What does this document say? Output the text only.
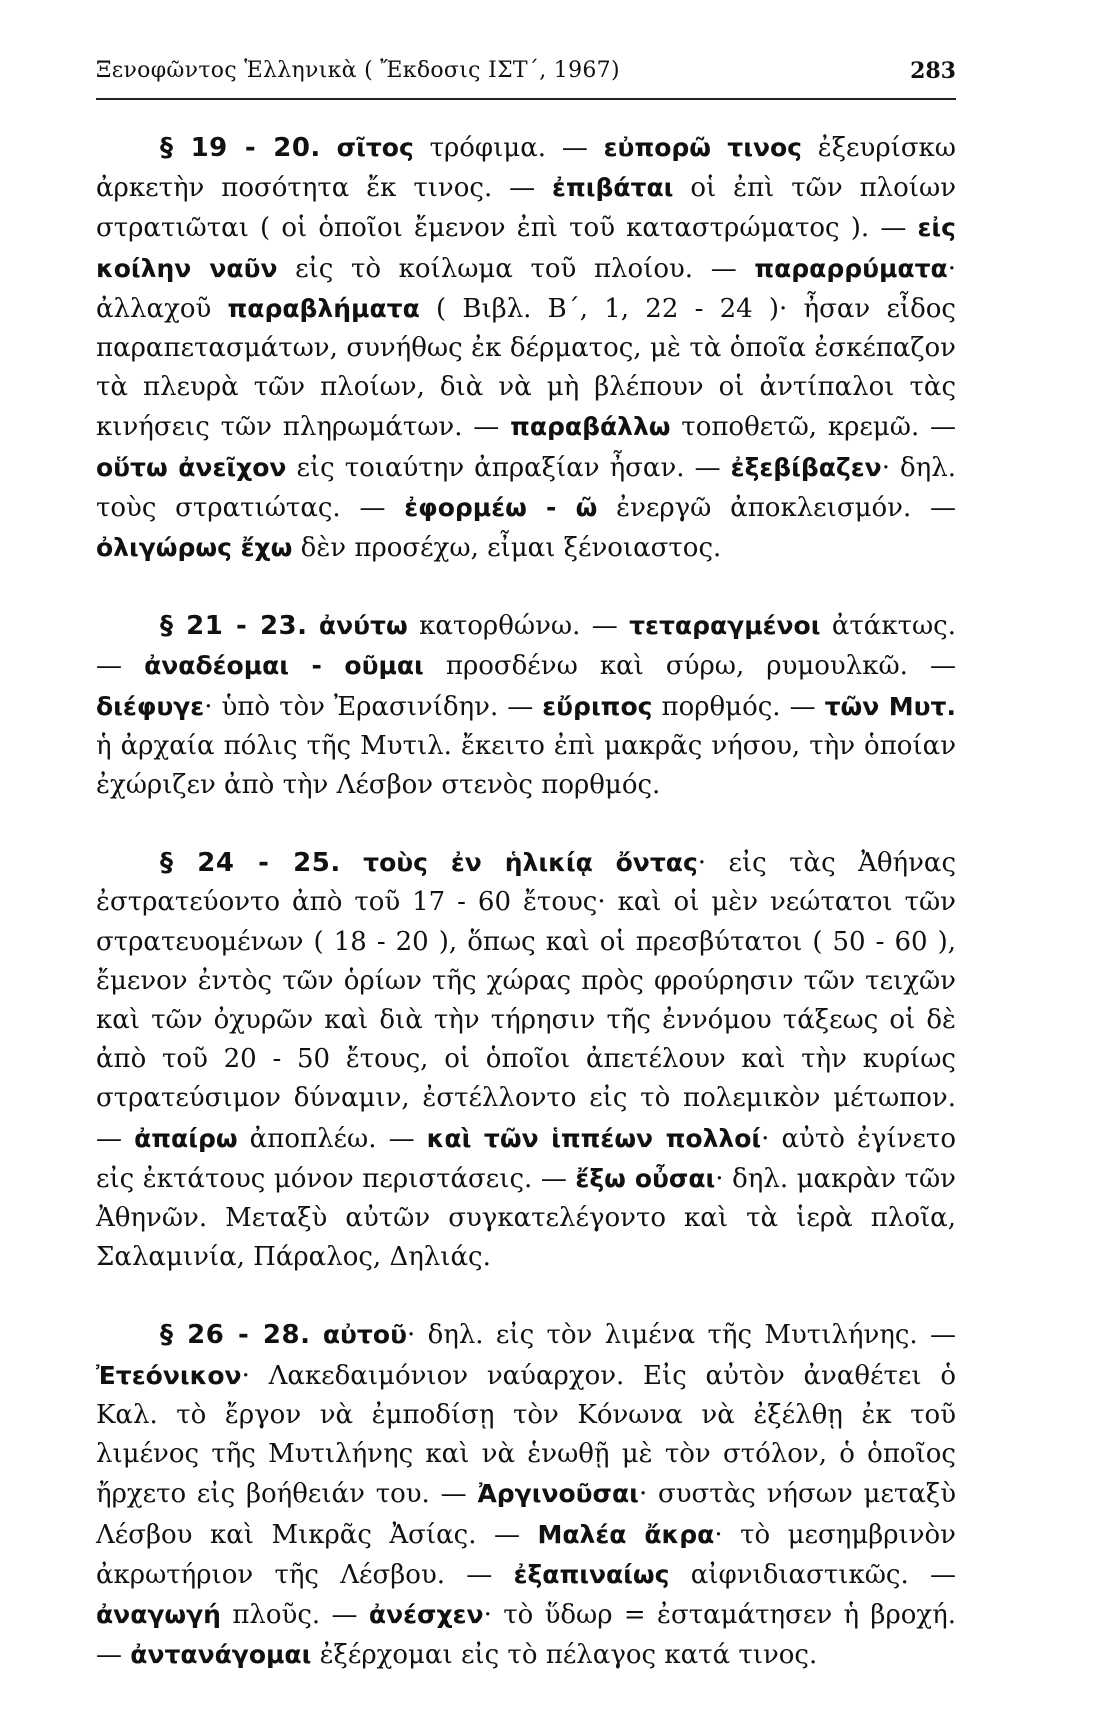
Ξενοφῶντος Ἑλληνικὰ ( Ἔκδοσις ΙΣΤ΄, 1967)	283

§ 19 - 20. σῖτος τρόφιμα. — εὐπορῶ τινος ἐξευρίσκω ἀρκετὴν ποσότητα ἔκ τινος. — ἐπιβάται οἱ ἐπὶ τῶν πλοίων στρατιῶται ( οἱ ὁποῖοι ἔμενον ἐπὶ τοῦ καταστρώματος ). — εἰς κοίλην ναῦν εἰς τὸ κοίλωμα τοῦ πλοίου. — παραρρύματα· ἀλλαχοῦ παραβλήματα ( Βιβλ. Β΄, 1, 22 - 24 )· ἦσαν εἶδος παραπετασμάτων, συνήθως ἐκ δέρματος, μὲ τὰ ὁποῖα ἐσκέπαζον τὰ πλευρὰ τῶν πλοίων, διὰ νὰ μὴ βλέπουν οἱ ἀντίπαλοι τὰς κινήσεις τῶν πληρωμάτων. — παραβάλλω τοποθετῶ, κρεμῶ. — οὕτω ἀνεῖχον εἰς τοιαύτην ἀπραξίαν ἦσαν. — ἐξεβίβαζεν· δηλ. τοὺς στρατιώτας. — ἐφορμέω - ῶ ἐνεργῶ ἀποκλεισμόν. — ὀλιγώρως ἔχω δὲν προσέχω, εἶμαι ξένοιαστος.

§ 21 - 23. ἀνύτω κατορθώνω. — τεταραγμένοι ἀτάκτως. — ἀναδέομαι - οῦμαι προσδένω καὶ σύρω, ρυμουλκῶ. — διέφυγε· ὑπὸ τὸν Ἐρασινίδην. — εὔριπος πορθμός. — τῶν Μυτ. ἡ ἀρχαία πόλις τῆς Μυτιλ. ἔκειτο ἐπὶ μακρᾶς νήσου, τὴν ὁποίαν ἐχώριζεν ἀπὸ τὴν Λέσβον στενὸς πορθμός.

§ 24 - 25. τοὺς ἐν ἡλικίᾳ ὄντας· εἰς τὰς Ἀθήνας ἐστρατεύοντο ἀπὸ τοῦ 17 - 60 ἔτους· καὶ οἱ μὲν νεώτατοι τῶν στρατευομένων ( 18 - 20 ), ὅπως καὶ οἱ πρεσβύτατοι ( 50 - 60 ), ἔμενον ἐντὸς τῶν ὁρίων τῆς χώρας πρὸς φρούρησιν τῶν τειχῶν καὶ τῶν ὀχυρῶν καὶ διὰ τὴν τήρησιν τῆς ἐννόμου τάξεως οἱ δὲ ἀπὸ τοῦ 20 - 50 ἔτους, οἱ ὁποῖοι ἀπετέλουν καὶ τὴν κυρίως στρατεύσιμον δύναμιν, ἐστέλλοντο εἰς τὸ πολεμικὸν μέτωπον. — ἀπαίρω ἀποπλέω. — καὶ τῶν ἱππέων πολλοί· αὐτὸ ἐγίνετο εἰς ἐκτάτους μόνον περιστάσεις. — ἔξω οὖσαι· δηλ. μακρὰν τῶν Ἀθηνῶν. Μεταξὺ αὐτῶν συγκατελέγοντο καὶ τὰ ἱερὰ πλοῖα, Σαλαμινία, Πάραλος, Δηλιάς.

§ 26 - 28. αὐτοῦ· δηλ. εἰς τὸν λιμένα τῆς Μυτιλήνης. — Ἐτεόνικον· Λακεδαιμόνιον ναύαρχον. Εἰς αὐτὸν ἀναθέτει ὁ Καλ. τὸ ἔργον νὰ ἐμποδίσῃ τὸν Κόνωνα νὰ ἐξέλθῃ ἐκ τοῦ λιμένος τῆς Μυτιλήνης καὶ νὰ ἑνωθῇ μὲ τὸν στόλον, ὁ ὁποῖος ἤρχετο εἰς βοήθειάν του. — Ἀργινοῦσαι· συστὰς νήσων μεταξὺ Λέσβου καὶ Μικρᾶς Ἀσίας. — Μαλέα ἄκρα· τὸ μεσημβρινὸν ἀκρωτήριον τῆς Λέσβου. — ἐξαπιναίως αἰφνιδιαστικῶς. — ἀναγωγή πλοῦς. — ἀνέσχεν· τὸ ὕδωρ = ἐσταμάτησεν ἡ βροχή. — ἀντανάγομαι ἐξέρχομαι εἰς τὸ πέλαγος κατά τινος.
